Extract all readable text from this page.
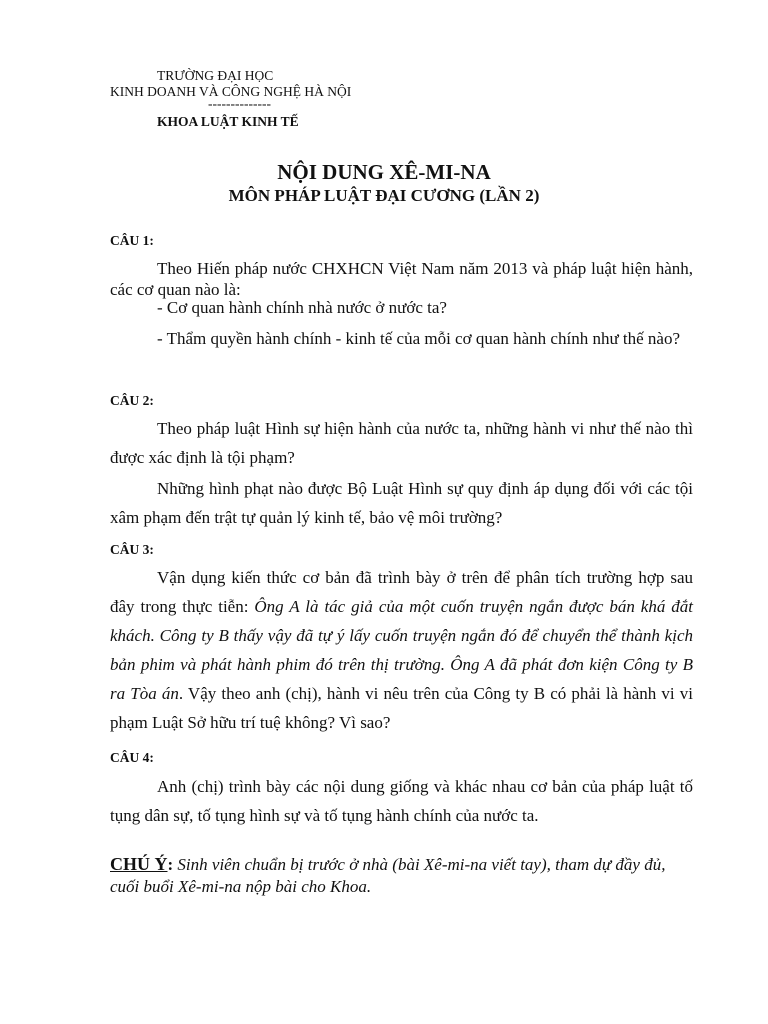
TRƯỜNG ĐẠI HỌC
KINH DOANH VÀ CÔNG NGHỆ HÀ NỘI
--------------
KHOA LUẬT KINH TẾ
NỘI DUNG XÊ-MI-NA
MÔN PHÁP LUẬT ĐẠI CƯƠNG (LẦN 2)
CÂU 1:
Theo Hiến pháp nước CHXHCN Việt Nam năm 2013 và pháp luật hiện hành, các cơ quan nào là:
- Cơ quan hành chính nhà nước ở nước ta?
- Thẩm quyền hành chính - kinh tế của mỗi cơ quan hành chính như thế nào?
CÂU 2:
Theo pháp luật Hình sự hiện hành của nước ta, những hành vi như thế nào thì được xác định là tội phạm?
Những hình phạt nào được Bộ Luật Hình sự quy định áp dụng đối với các tội xâm phạm đến trật tự quản lý kinh tế, bảo vệ môi trường?
CÂU 3:
Vận dụng kiến thức cơ bản đã trình bày ở trên để phân tích trường hợp sau đây trong thực tiễn: Ông A là tác giả của một cuốn truyện ngắn được bán khá đắt khách. Công ty B thấy vậy đã tự ý lấy cuốn truyện ngắn đó để chuyển thể thành kịch bản phim và phát hành phim đó trên thị trường. Ông A đã phát đơn kiện Công ty B ra Tòa án. Vậy theo anh (chị), hành vi nêu trên của Công ty B có phải là hành vi vi phạm Luật Sở hữu trí tuệ không? Vì sao?
CÂU 4:
Anh (chị) trình bày các nội dung giống và khác nhau cơ bản của pháp luật tố tụng dân sự, tố tụng hình sự và tố tụng hành chính của nước ta.
CHÚ Ý: Sinh viên chuẩn bị trước ở nhà (bài Xê-mi-na viết tay), tham dự đầy đủ, cuối buổi Xê-mi-na nộp bài cho Khoa.
